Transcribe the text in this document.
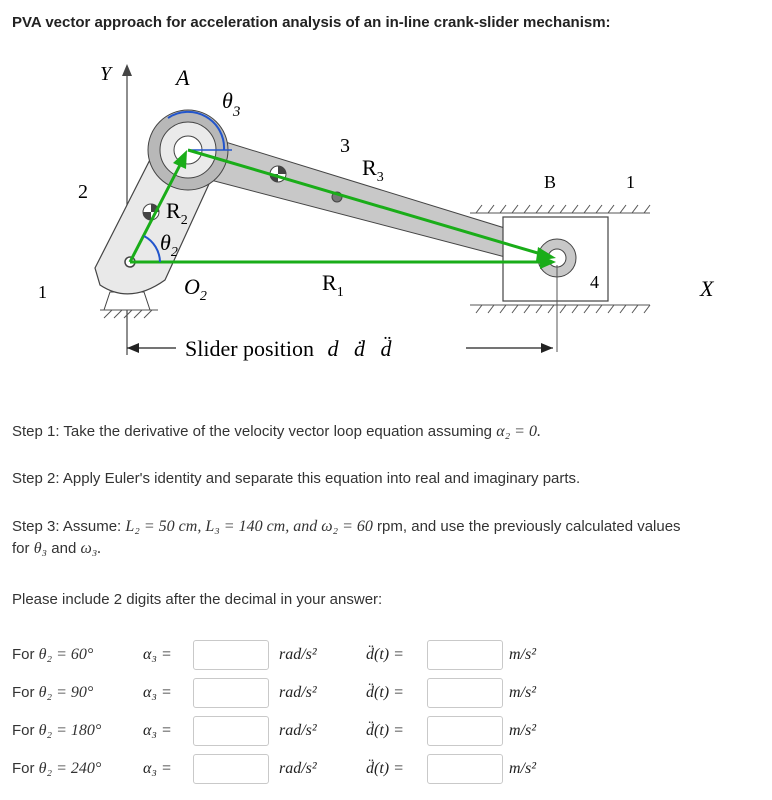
PVA vector approach for acceleration analysis of an in-line crank-slider mechanism:
Y	A
$\theta_3$
$\theta_2$
$R_2$
$R_3$
$R_1$
$O_2$
1
2
3
B	1
4	X
Slider position d ḋ d̈
Step 1: Take the derivative of the velocity vector loop equation assuming α₂ = 0.
Step 2: Apply Euler's identity and separate this equation into real and imaginary parts.
Step 3: Assume: L₂ = 50 cm, L₃ = 140 cm, and ω₂ = 60 rpm, and use the previously calculated values
for θ₃ and ω₃.
Please include 2 digits after the decimal in your answer:
For θ₂ = 60°	α₃ =	rad/s²	d̈(t) =	m/s²
For θ₂ = 90°	α₃ =	rad/s²	d̈(t) =	m/s²
For θ₂ = 180°	α₃ =	rad/s²	d̈(t) =	m/s²
For θ₂ = 240°	α₃ =	rad/s²	d̈(t) =	m/s²
